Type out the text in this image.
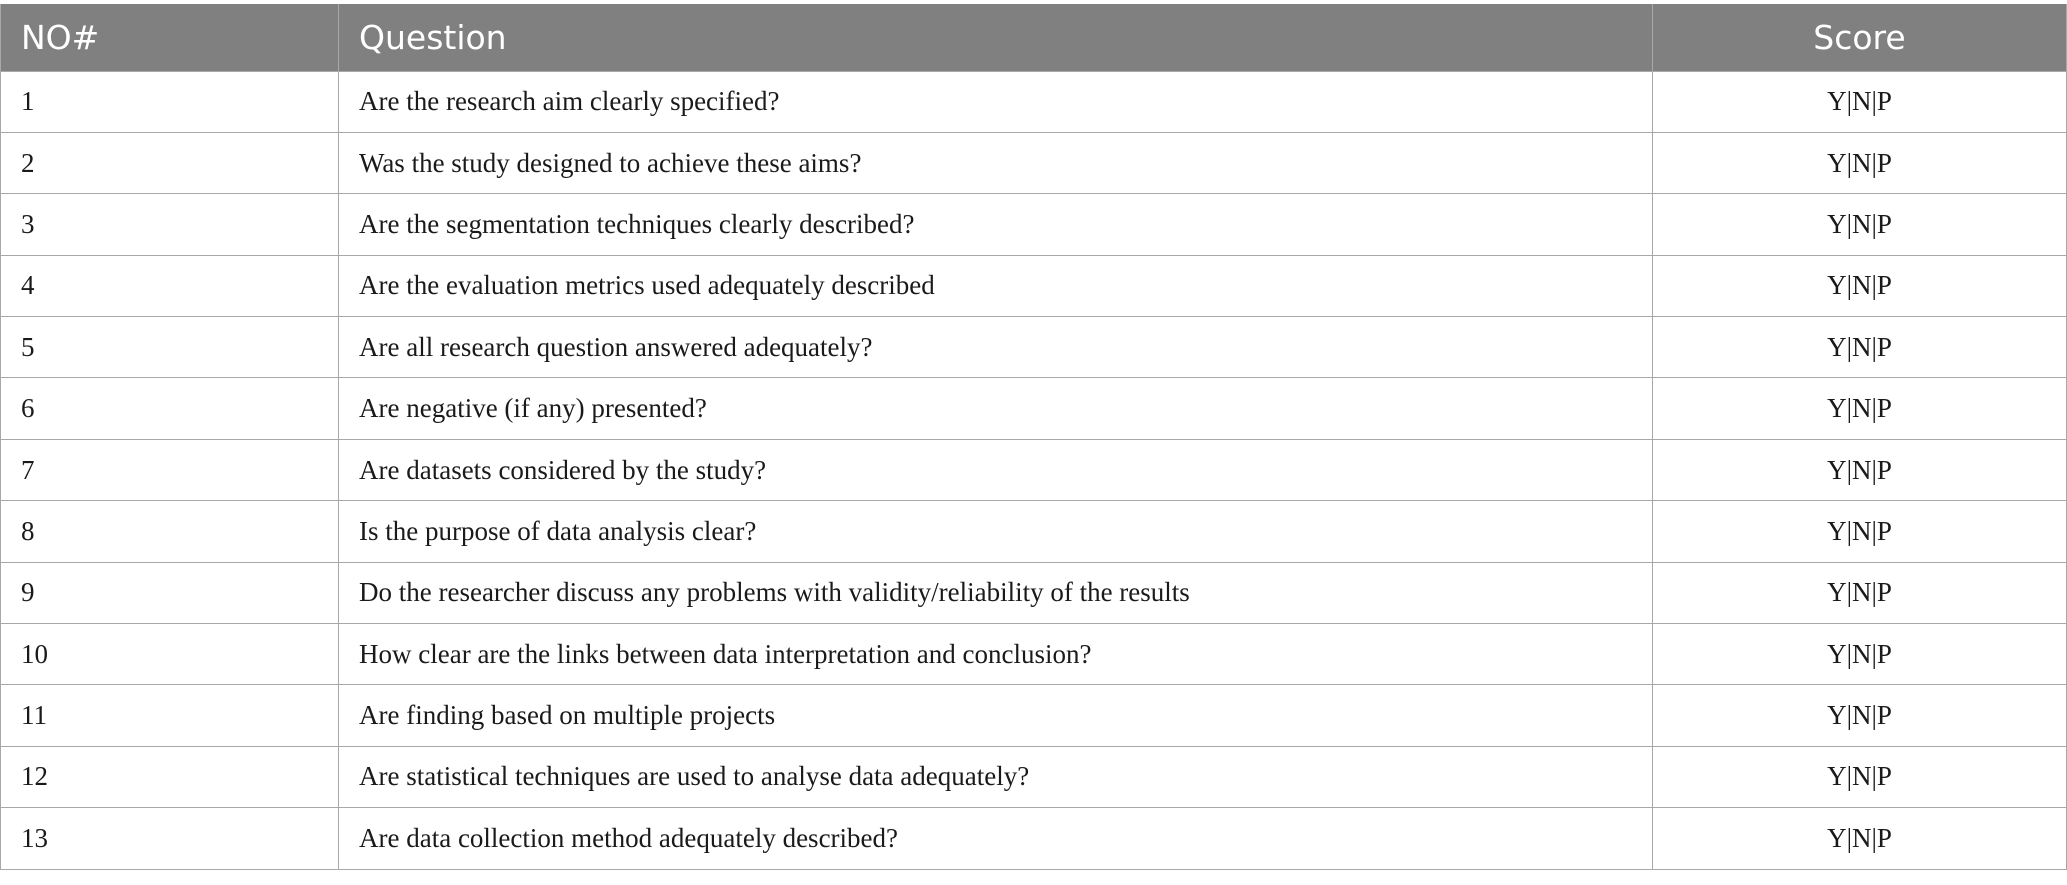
NO#	Question	Score
1	Are the research aim clearly specified?	Y|N|P
2	Was the study designed to achieve these aims?	Y|N|P
3	Are the segmentation techniques clearly described?	Y|N|P
4	Are the evaluation metrics used adequately described	Y|N|P
5	Are all research question answered adequately?	Y|N|P
6	Are negative (if any) presented?	Y|N|P
7	Are datasets considered by the study?	Y|N|P
8	Is the purpose of data analysis clear?	Y|N|P
9	Do the researcher discuss any problems with validity/reliability of the results	Y|N|P
10	How clear are the links between data interpretation and conclusion?	Y|N|P
11	Are finding based on multiple projects	Y|N|P
12	Are statistical techniques are used to analyse data adequately?	Y|N|P
13	Are data collection method adequately described?	Y|N|P
